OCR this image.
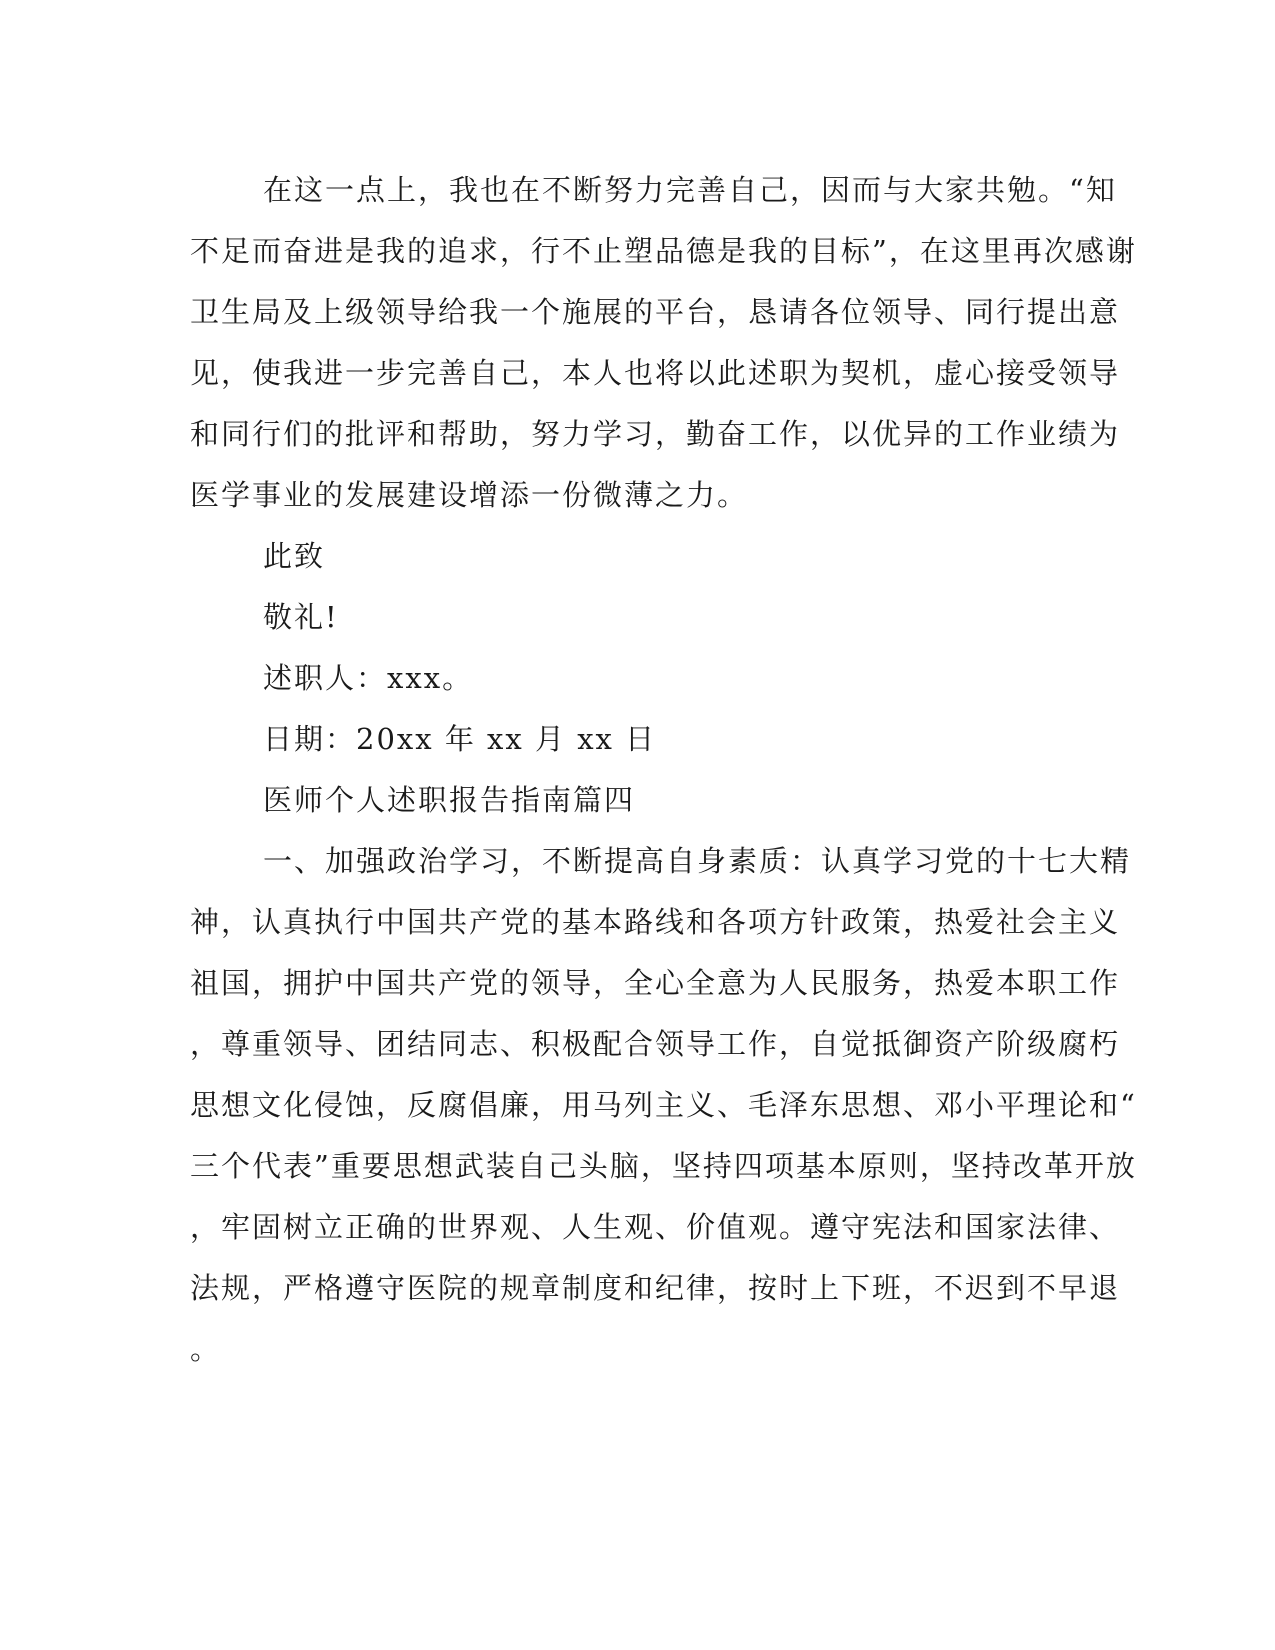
在这一点上，我也在不断努力完善自己，因而与大家共勉。“知
不足而奋进是我的追求，行不止塑品德是我的目标”，在这里再次感谢
卫生局及上级领导给我一个施展的平台，恳请各位领导、同行提出意
见，使我进一步完善自己，本人也将以此述职为契机，虚心接受领导
和同行们的批评和帮助，努力学习，勤奋工作，以优异的工作业绩为
医学事业的发展建设增添一份微薄之力。
此致
敬礼!
述职人：xxx。
日期：20xx 年 xx 月 xx 日
医师个人述职报告指南篇四
一、加强政治学习，不断提高自身素质：认真学习党的十七大精
神，认真执行中国共产党的基本路线和各项方针政策，热爱社会主义
祖国，拥护中国共产党的领导，全心全意为人民服务，热爱本职工作
，尊重领导、团结同志、积极配合领导工作，自觉抵御资产阶级腐朽
思想文化侵蚀，反腐倡廉，用马列主义、毛泽东思想、邓小平理论和“
三个代表”重要思想武装自己头脑，坚持四项基本原则，坚持改革开放
，牢固树立正确的世界观、人生观、价值观。遵守宪法和国家法律、
法规，严格遵守医院的规章制度和纪律，按时上下班，不迟到不早退
。
